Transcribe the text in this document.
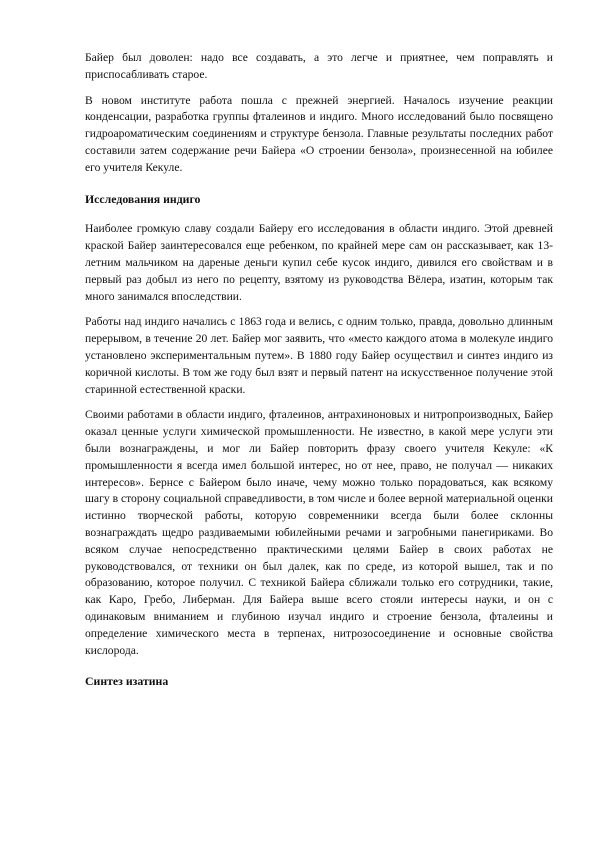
Байер был доволен: надо все создавать, а это легче и приятнее, чем поправлять и приспосабливать старое.

В новом институте работа пошла с прежней энергией. Началось изучение реакции конденсации, разработка группы фталеинов и индиго. Много исследований было посвящено гидроароматическим соединениям и структуре бензола. Главные результаты последних работ составили затем содержание речи Байера «О строении бензола», произнесенной на юбилее его учителя Кекуле.

Исследования индиго

Наиболее громкую славу создали Байеру его исследования в области индиго. Этой древней краской Байер заинтересовался еще ребенком, по крайней мере сам он рассказывает, как 13-летним мальчиком на дареные деньги купил себе кусок индиго, дивился его свойствам и в первый раз добыл из него по рецепту, взятому из руководства Вёлера, изатин, которым так много занимался впоследствии.

Работы над индиго начались с 1863 года и велись, с одним только, правда, довольно длинным перерывом, в течение 20 лет. Байер мог заявить, что «место каждого атома в молекуле индиго установлено экспериментальным путем». В 1880 году Байер осуществил и синтез индиго из коричной кислоты. В том же году был взят и первый патент на искусственное получение этой старинной естественной краски.

Своими работами в области индиго, фталеинов, антрахиноновых и нитропроизводных, Байер оказал ценные услуги химической промышленности. Не известно, в какой мере услуги эти были вознаграждены, и мог ли Байер повторить фразу своего учителя Кекуле: «К промышленности я всегда имел большой интерес, но от нее, право, не получал — никаких интересов». Бернсе с Байером было иначе, чему можно только порадоваться, как всякому шагу в сторону социальной справедливости, в том числе и более верной материальной оценки истинно творческой работы, которую современники всегда были более склонны вознаграждать щедро раздиваемыми юбилейными речами и загробными панегириками. Во всяком случае непосредственно практическими целями Байер в своих работах не руководствовался, от техники он был далек, как по среде, из которой вышел, так и по образованию, которое получил. С техникой Байера сближали только его сотрудники, такие, как Каро, Гребо, Либерман. Для Байера выше всего стояли интересы науки, и он с одинаковым вниманием и глубиною изучал индиго и строение бензола, фталеины и определение химического места в терпенах, нитрозосоединение и основные свойства кислорода.

Синтез изатина
